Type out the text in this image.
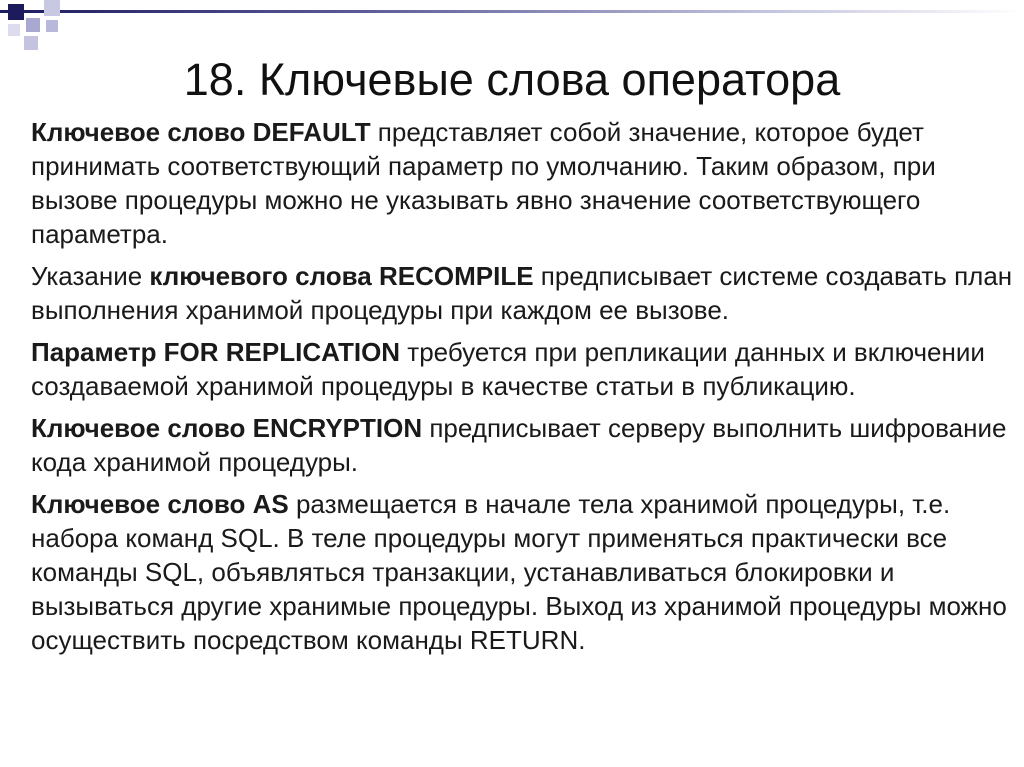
18. Ключевые слова оператора

Ключевое слово DEFAULT представляет собой значение, которое будет принимать соответствующий параметр по умолчанию. Таким образом, при вызове процедуры можно не указывать явно значение соответствующего параметра.

Указание ключевого слова RECOMPILE предписывает системе создавать план выполнения хранимой процедуры при каждом ее вызове.

Параметр FOR REPLICATION требуется при репликации данных и включении создаваемой хранимой процедуры в качестве статьи в публикацию.

Ключевое слово ENCRYPTION предписывает серверу выполнить шифрование кода хранимой процедуры.

Ключевое слово AS размещается в начале тела хранимой процедуры, т.е. набора команд SQL. В теле процедуры могут применяться практически все команды SQL, объявляться транзакции, устанавливаться блокировки и вызываться другие хранимые процедуры. Выход из хранимой процедуры можно осуществить посредством команды RETURN.
